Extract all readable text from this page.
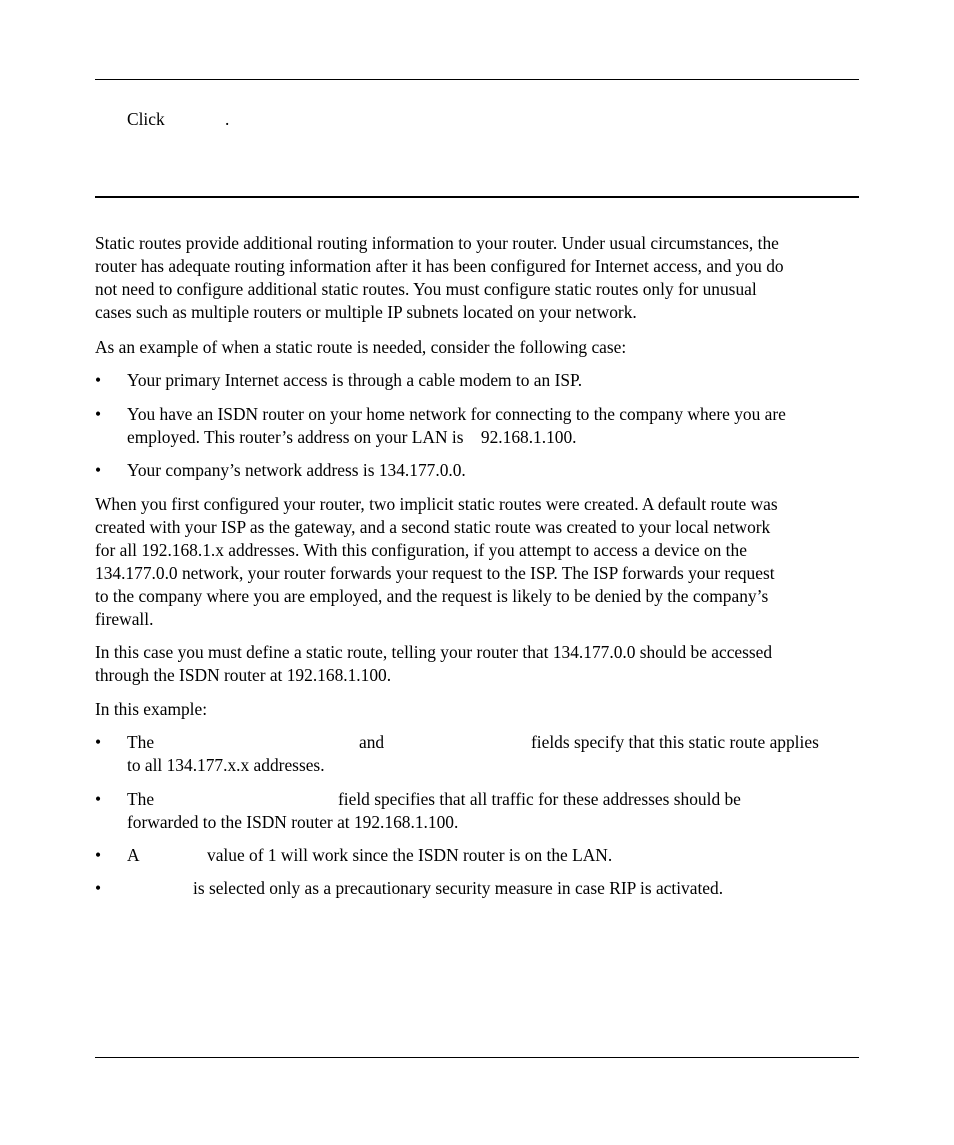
Click	.
Static routes provide additional routing information to your router. Under usual circumstances, the
router has adequate routing information after it has been configured for Internet access, and you do
not need to configure additional static routes. You must configure static routes only for unusual
cases such as multiple routers or multiple IP subnets located on your network.
As an example of when a static route is needed, consider the following case:
• Your primary Internet access is through a cable modem to an ISP.
• You have an ISDN router on your home network for connecting to the company where you are
employed. This router’s address on your LAN is    92.168.1.100.
• Your company’s network address is 134.177.0.0.
When you first configured your router, two implicit static routes were created. A default route was
created with your ISP as the gateway, and a second static route was created to your local network
for all 192.168.1.x addresses. With this configuration, if you attempt to access a device on the
134.177.0.0 network, your router forwards your request to the ISP. The ISP forwards your request
to the company where you are employed, and the request is likely to be denied by the company’s
firewall.
In this case you must define a static route, telling your router that 134.177.0.0 should be accessed
through the ISDN router at 192.168.1.100.
In this example:
• The	and	fields specify that this static route applies
to all 134.177.x.x addresses.
• The	field specifies that all traffic for these addresses should be
forwarded to the ISDN router at 192.168.1.100.
• A	value of 1 will work since the ISDN router is on the LAN.
•	is selected only as a precautionary security measure in case RIP is activated.
